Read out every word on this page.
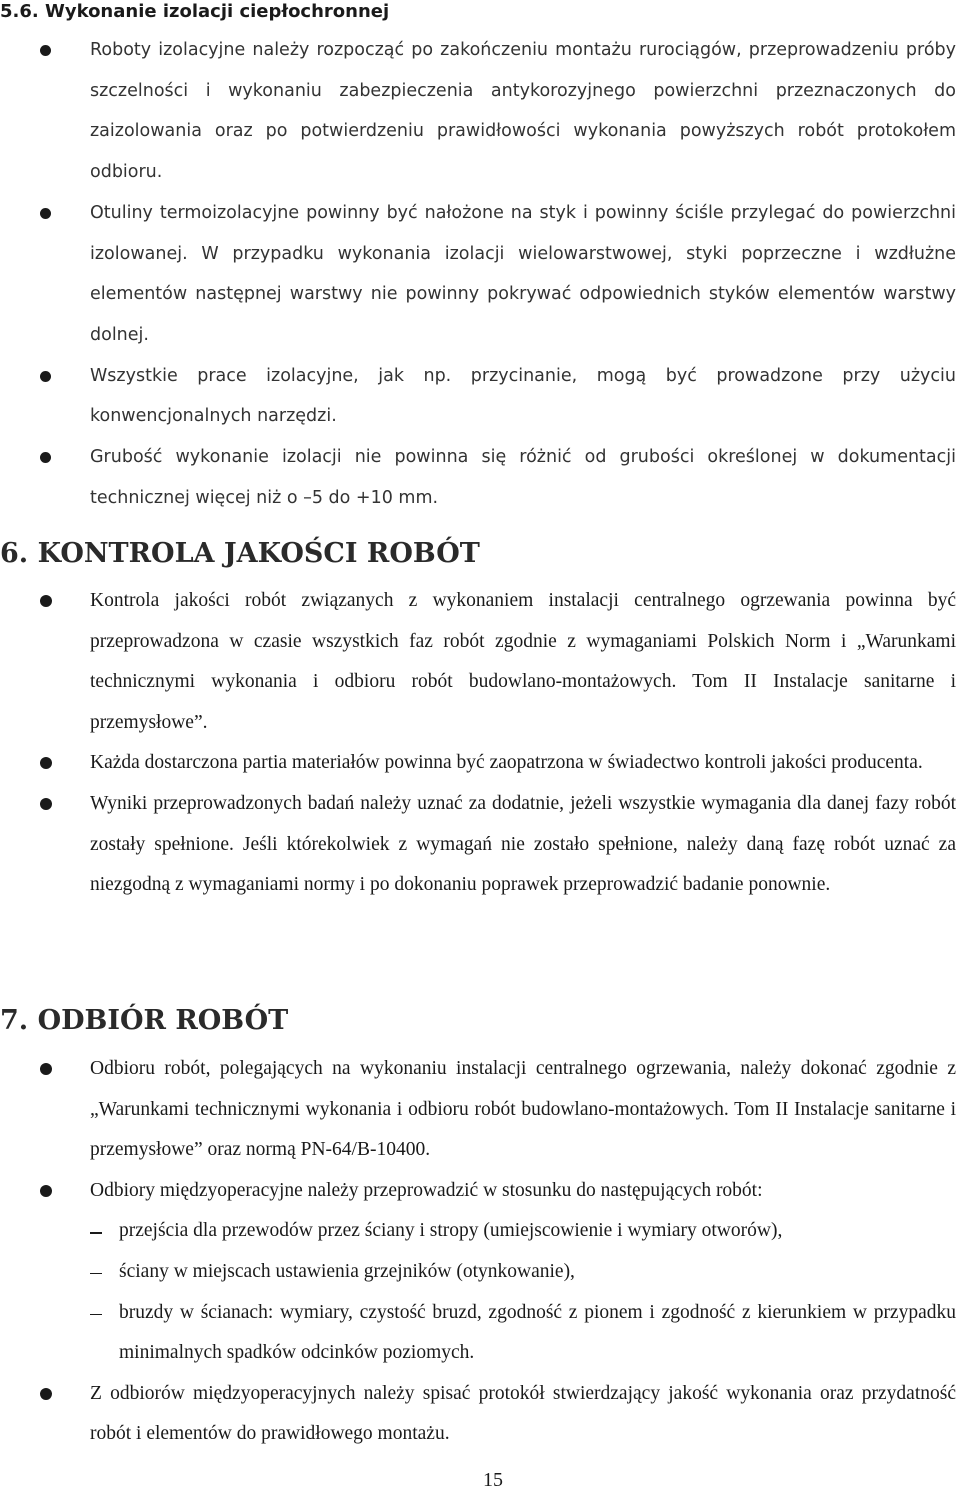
5.6. Wykonanie izolacji ciepłochronnej

Roboty izolacyjne należy rozpocząć po zakończeniu montażu rurociągów, przeprowadzeniu próby szczelności i wykonaniu zabezpieczenia antykorozyjnego powierzchni przeznaczonych do zaizolowania oraz po potwierdzeniu prawidłowości wykonania powyższych robót protokołem odbioru.

Otuliny termoizolacyjne powinny być nałożone na styk i powinny ściśle przylegać do powierzchni izolowanej. W przypadku wykonania izolacji wielowarstwowej, styki poprzeczne i wzdłużne elementów następnej warstwy nie powinny pokrywać odpowiednich styków elementów warstwy dolnej.

Wszystkie prace izolacyjne, jak np. przycinanie, mogą być prowadzone przy użyciu konwencjonalnych narzędzi.

Grubość wykonanie izolacji nie powinna się różnić od grubości określonej w dokumentacji technicznej więcej niż o –5 do +10 mm.

6. KONTROLA JAKOŚCI ROBÓT

Kontrola jakości robót związanych z wykonaniem instalacji centralnego ogrzewania powinna być przeprowadzona w czasie wszystkich faz robót zgodnie z wymaganiami Polskich Norm i „Warunkami technicznymi wykonania i odbioru robót budowlano-montażowych. Tom II Instalacje sanitarne i przemysłowe”.

Każda dostarczona partia materiałów powinna być zaopatrzona w świadectwo kontroli jakości producenta.

Wyniki przeprowadzonych badań należy uznać za dodatnie, jeżeli wszystkie wymagania dla danej fazy robót zostały spełnione. Jeśli którekolwiek z wymagań nie zostało spełnione, należy daną fazę robót uznać za niezgodną z wymaganiami normy i po dokonaniu poprawek przeprowadzić badanie ponownie.

7. ODBIÓR ROBÓT

Odbioru robót, polegających na wykonaniu instalacji centralnego ogrzewania, należy dokonać zgodnie z „Warunkami technicznymi wykonania i odbioru robót budowlano-montażowych. Tom II Instalacje sanitarne i przemysłowe” oraz normą PN-64/B-10400.

Odbiory międzyoperacyjne należy przeprowadzić w stosunku do następujących robót:

przejścia dla przewodów przez ściany i stropy (umiejscowienie i wymiary otworów),

ściany w miejscach ustawienia grzejników (otynkowanie),

bruzdy w ścianach: wymiary, czystość bruzd, zgodność z pionem i zgodność z kierunkiem w przypadku minimalnych spadków odcinków poziomych.

Z odbiorów międzyoperacyjnych należy spisać protokół stwierdzający jakość wykonania oraz przydatność robót i elementów do prawidłowego montażu.

15
